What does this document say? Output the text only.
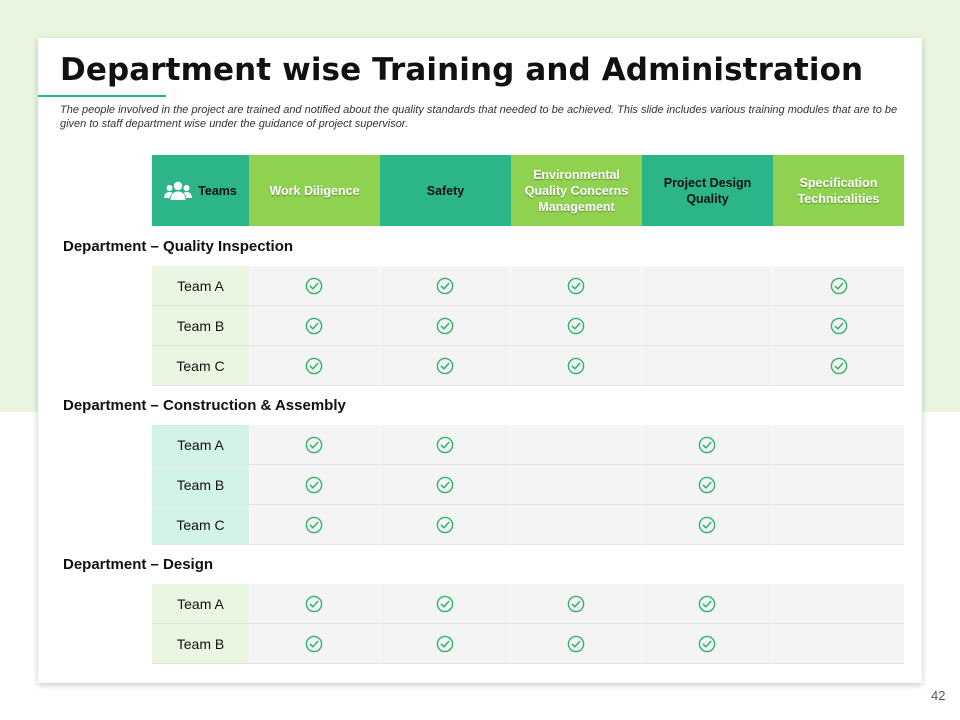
Department wise Training and Administration

The people involved in the project are trained and notified about the quality standards that needed to be achieved. This slide includes various training modules that are to be given to staff department wise under the guidance of project supervisor.

Teams	Work Diligence	Safety
Environmental Quality Concerns Management
Project Design Quality
Specification Technicalities
Department – Quality Inspection
Team A
Team B
Team C
Department – Construction & Assembly
Team A
Team B
Team C
Department – Design
Team A
Team B
42
